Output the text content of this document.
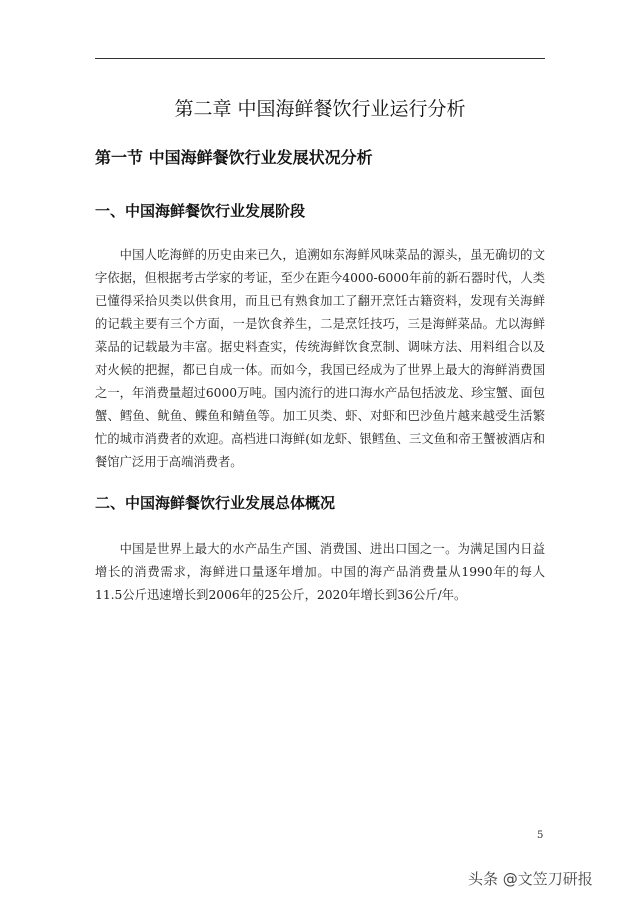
第二章 中国海鲜餐饮行业运行分析
第一节 中国海鲜餐饮行业发展状况分析
一、中国海鲜餐饮行业发展阶段

中国人吃海鲜的历史由来已久，追溯如东海鲜风味菜品的源头，虽无确切的文字依据，但根据考古学家的考证，至少在距今4000-6000年前的新石器时代，人类已懂得采拾贝类以供食用，而且已有熟食加工了翻开烹饪古籍资料，发现有关海鲜的记载主要有三个方面，一是饮食养生，二是烹饪技巧，三是海鲜菜品。尤以海鲜菜品的记载最为丰富。据史料查实，传统海鲜饮食烹制、调味方法、用料组合以及对火候的把握，都已自成一体。而如今，我国已经成为了世界上最大的海鲜消费国之一，年消费量超过6000万吨。国内流行的进口海水产品包括波龙、珍宝蟹、面包蟹、鳕鱼、鱿鱼、鲽鱼和鲭鱼等。加工贝类、虾、对虾和巴沙鱼片越来越受生活繁忙的城市消费者的欢迎。高档进口海鲜(如龙虾、银鳕鱼、三文鱼和帝王蟹被酒店和餐馆广泛用于高端消费者。

二、中国海鲜餐饮行业发展总体概况

中国是世界上最大的水产品生产国、消费国、进出口国之一。为满足国内日益增长的消费需求，海鲜进口量逐年增加。中国的海产品消费量从1990年的每人11.5公斤迅速增长到2006年的25公斤，2020年增长到36公斤/年。

5
头条 @文笠刀研报
